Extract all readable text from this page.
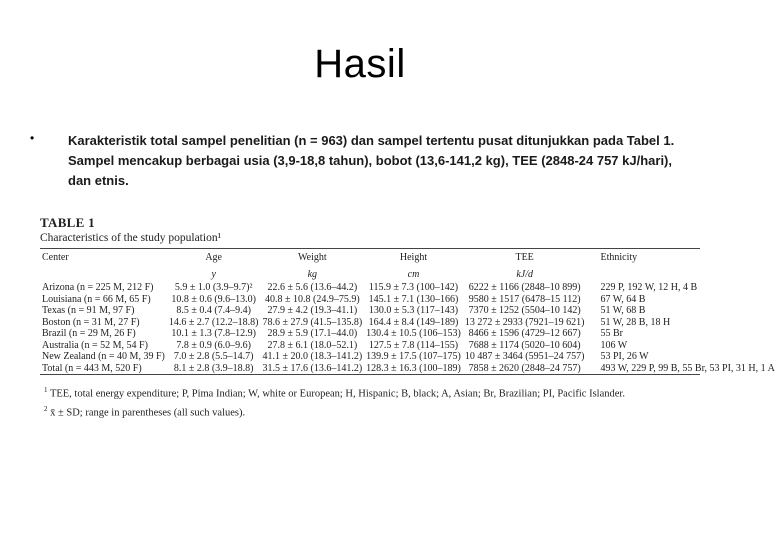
Hasil
•	Karakteristik total sampel penelitian (n = 963) dan sampel tertentu pusat ditunjukkan pada Tabel 1. Sampel mencakup berbagai usia (3,9-18,8 tahun), bobot (13,6-141,2 kg), TEE (2848-24 757 kJ/hari), dan etnis.
TABLE 1
Characteristics of the study population¹
Center	Age	Weight	Height	TEE	Ethnicity
	y	kg	cm	kJ/d	
Arizona (n = 225 M, 212 F)	5.9 ± 1.0 (3.9–9.7)²	22.6 ± 5.6 (13.6–44.2)	115.9 ± 7.3 (100–142)	6222 ± 1166 (2848–10 899)	229 P, 192 W, 12 H, 4 B
Louisiana (n = 66 M, 65 F)	10.8 ± 0.6 (9.6–13.0)	40.8 ± 10.8 (24.9–75.9)	145.1 ± 7.1 (130–166)	9580 ± 1517 (6478–15 112)	67 W, 64 B
Texas (n = 91 M, 97 F)	8.5 ± 0.4 (7.4–9.4)	27.9 ± 4.2 (19.3–41.1)	130.0 ± 5.3 (117–143)	7370 ± 1252 (5504–10 142)	51 W, 68 B
Boston (n = 31 M, 27 F)	14.6 ± 2.7 (12.2–18.8)	78.6 ± 27.9 (41.5–135.8)	164.4 ± 8.4 (149–189)	13 272 ± 2933 (7921–19 621)	51 W, 28 B, 18 H
Brazil (n = 29 M, 26 F)	10.1 ± 1.3 (7.8–12.9)	28.9 ± 5.9 (17.1–44.0)	130.4 ± 10.5 (106–153)	8466 ± 1596 (4729–12 667)	55 Br
Australia (n = 52 M, 54 F)	7.8 ± 0.9 (6.0–9.6)	27.8 ± 6.1 (18.0–52.1)	127.5 ± 7.8 (114–155)	7688 ± 1174 (5020–10 604)	106 W
New Zealand (n = 40 M, 39 F)	7.0 ± 2.8 (5.5–14.7)	41.1 ± 20.0 (18.3–141.2)	139.9 ± 17.5 (107–175)	10 487 ± 3464 (5951–24 757)	53 PI, 26 W
Total (n = 443 M, 520 F)	8.1 ± 2.8 (3.9–18.8)	31.5 ± 17.6 (13.6–141.2)	128.3 ± 16.3 (100–189)	7858 ± 2620 (2848–24 757)	493 W, 229 P, 99 B, 55 Br, 53 PI, 31 H, 1 A
$^1$ TEE, total energy expenditure; P, Pima Indian; W, white or European; H, Hispanic; B, black; A, Asian; Br, Brazilian; PI, Pacific Islander.
$^2$ x̄ ± SD; range in parentheses (all such values).
